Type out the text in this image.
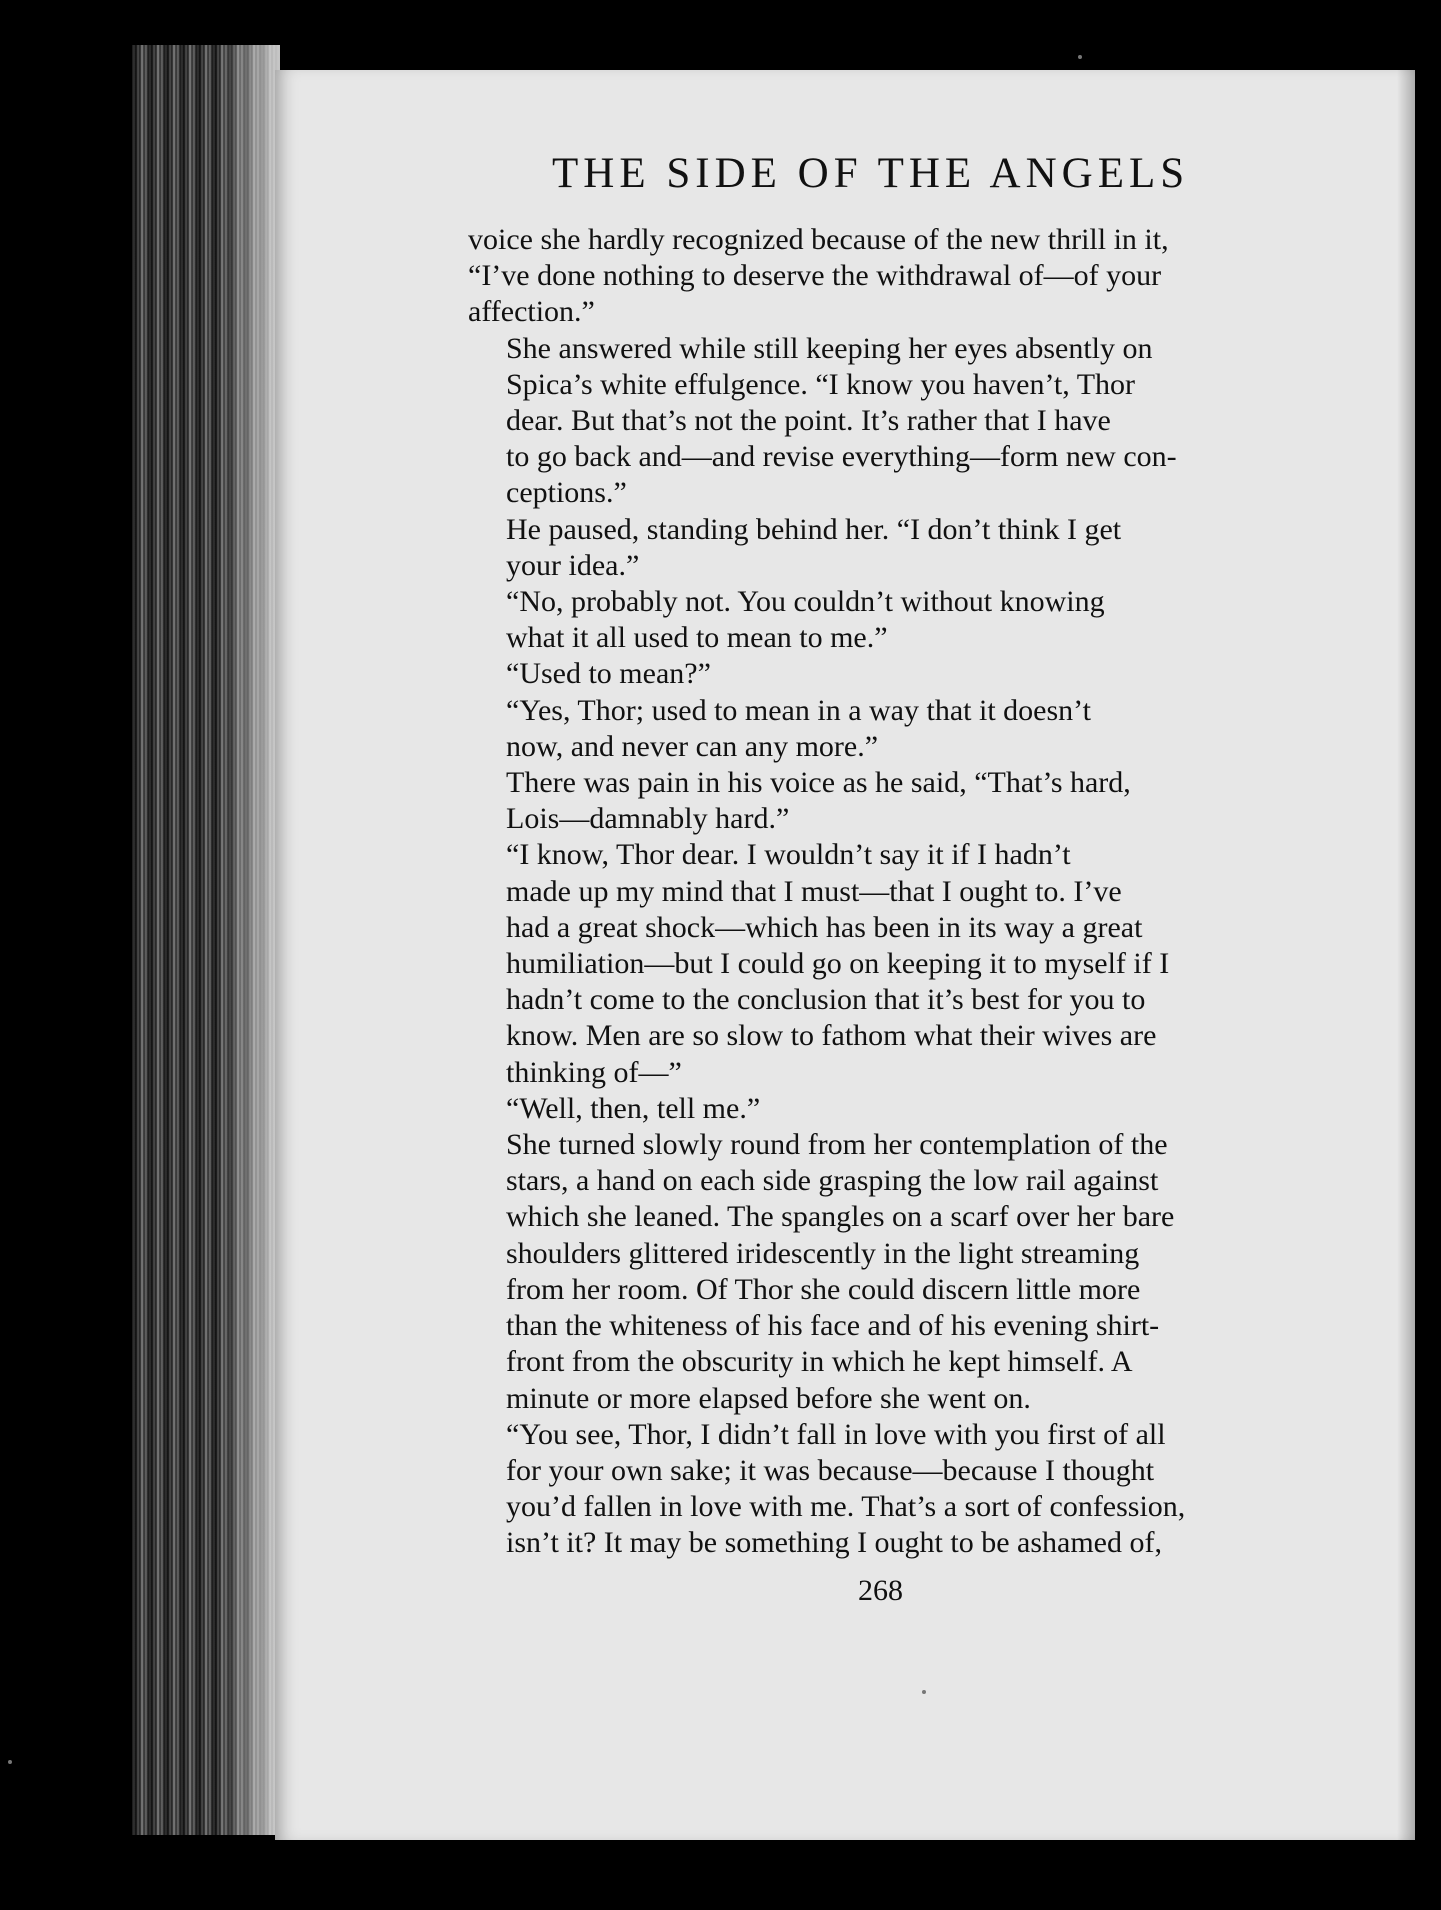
THE SIDE OF THE ANGELS

voice she hardly recognized because of the new thrill in it,
“I’ve done nothing to deserve the withdrawal of—of your
affection.”

She answered while still keeping her eyes absently on
Spica’s white effulgence. “I know you haven’t, Thor
dear. But that’s not the point. It’s rather that I have
to go back and—and revise everything—form new con-
ceptions.”

He paused, standing behind her. “I don’t think I get
your idea.”

“No, probably not. You couldn’t without knowing
what it all used to mean to me.”

“Used to mean?”

“Yes, Thor; used to mean in a way that it doesn’t
now, and never can any more.”

There was pain in his voice as he said, “That’s hard,
Lois—damnably hard.”

“I know, Thor dear. I wouldn’t say it if I hadn’t
made up my mind that I must—that I ought to. I’ve
had a great shock—which has been in its way a great
humiliation—but I could go on keeping it to myself if I
hadn’t come to the conclusion that it’s best for you to
know. Men are so slow to fathom what their wives are
thinking of—”

“Well, then, tell me.”

She turned slowly round from her contemplation of the
stars, a hand on each side grasping the low rail against
which she leaned. The spangles on a scarf over her bare
shoulders glittered iridescently in the light streaming
from her room. Of Thor she could discern little more
than the whiteness of his face and of his evening shirt-
front from the obscurity in which he kept himself. A
minute or more elapsed before she went on.

“You see, Thor, I didn’t fall in love with you first of all
for your own sake; it was because—because I thought
you’d fallen in love with me. That’s a sort of confession,
isn’t it? It may be something I ought to be ashamed of,

268
